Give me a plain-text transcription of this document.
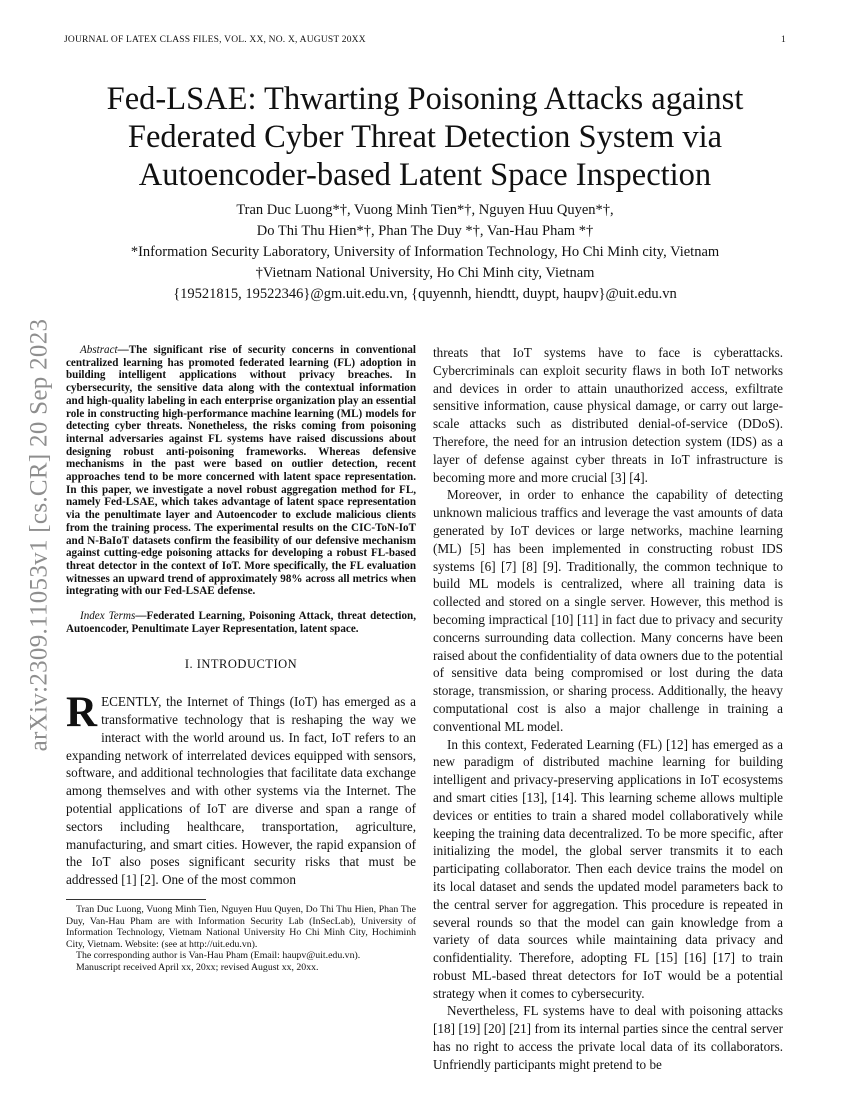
JOURNAL OF LATEX CLASS FILES, VOL. XX, NO. X, AUGUST 20XX	1
arXiv:2309.11053v1 [cs.CR] 20 Sep 2023
Fed-LSAE: Thwarting Poisoning Attacks against Federated Cyber Threat Detection System via Autoencoder-based Latent Space Inspection
Tran Duc Luong*†, Vuong Minh Tien*†, Nguyen Huu Quyen*†,
Do Thi Thu Hien*†, Phan The Duy *†, Van-Hau Pham *†
*Information Security Laboratory, University of Information Technology, Ho Chi Minh city, Vietnam
†Vietnam National University, Ho Chi Minh city, Vietnam
{19521815, 19522346}@gm.uit.edu.vn, {quyennh, hiendtt, duypt, haupv}@uit.edu.vn
Abstract—The significant rise of security concerns in conventional centralized learning has promoted federated learning (FL) adoption in building intelligent applications without privacy breaches. In cybersecurity, the sensitive data along with the contextual information and high-quality labeling in each enterprise organization play an essential role in constructing high-performance machine learning (ML) models for detecting cyber threats. Nonetheless, the risks coming from poisoning internal adversaries against FL systems have raised discussions about designing robust anti-poisoning frameworks. Whereas defensive mechanisms in the past were based on outlier detection, recent approaches tend to be more concerned with latent space representation. In this paper, we investigate a novel robust aggregation method for FL, namely Fed-LSAE, which takes advantage of latent space representation via the penultimate layer and Autoencoder to exclude malicious clients from the training process. The experimental results on the CIC-ToN-IoT and N-BaIoT datasets confirm the feasibility of our defensive mechanism against cutting-edge poisoning attacks for developing a robust FL-based threat detector in the context of IoT. More specifically, the FL evaluation witnesses an upward trend of approximately 98% across all metrics when integrating with our Fed-LSAE defense.
Index Terms—Federated Learning, Poisoning Attack, threat detection, Autoencoder, Penultimate Layer Representation, latent space.
I. INTRODUCTION
RECENTLY, the Internet of Things (IoT) has emerged as a transformative technology that is reshaping the way we interact with the world around us. In fact, IoT refers to an expanding network of interrelated devices equipped with sensors, software, and additional technologies that facilitate data exchange among themselves and with other systems via the Internet. The potential applications of IoT are diverse and span a range of sectors including healthcare, transportation, agriculture, manufacturing, and smart cities. However, the rapid expansion of the IoT also poses significant security risks that must be addressed [1] [2]. One of the most common

Tran Duc Luong, Vuong Minh Tien, Nguyen Huu Quyen, Do Thi Thu Hien, Phan The Duy, Van-Hau Pham are with Information Security Lab (InSecLab), University of Information Technology, Vietnam National University Ho Chi Minh City, Hochiminh City, Vietnam. Website: (see at http://uit.edu.vn).

The corresponding author is Van-Hau Pham (Email: haupv@uit.edu.vn).

Manuscript received April xx, 20xx; revised August xx, 20xx.

threats that IoT systems have to face is cyberattacks. Cybercriminals can exploit security flaws in both IoT networks and devices in order to attain unauthorized access, exfiltrate sensitive information, cause physical damage, or carry out large-scale attacks such as distributed denial-of-service (DDoS). Therefore, the need for an intrusion detection system (IDS) as a layer of defense against cyber threats in IoT infrastructure is becoming more and more crucial [3] [4].

Moreover, in order to enhance the capability of detecting unknown malicious traffics and leverage the vast amounts of data generated by IoT devices or large networks, machine learning (ML) [5] has been implemented in constructing robust IDS systems [6] [7] [8] [9]. Traditionally, the common technique to build ML models is centralized, where all training data is collected and stored on a single server. However, this method is becoming impractical [10] [11] in fact due to privacy and security concerns surrounding data collection. Many concerns have been raised about the confidentiality of data owners due to the potential of sensitive data being compromised or lost during the data storage, transmission, or sharing process. Additionally, the heavy computational cost is also a major challenge in training a conventional ML model.

In this context, Federated Learning (FL) [12] has emerged as a new paradigm of distributed machine learning for building intelligent and privacy-preserving applications in IoT ecosystems and smart cities [13], [14]. This learning scheme allows multiple devices or entities to train a shared model collaboratively while keeping the training data decentralized. To be more specific, after initializing the model, the global server transmits it to each participating collaborator. Then each device trains the model on its local dataset and sends the updated model parameters back to the central server for aggregation. This procedure is repeated in several rounds so that the model can gain knowledge from a variety of data sources while maintaining data privacy and confidentiality. Therefore, adopting FL [15] [16] [17] to train robust ML-based threat detectors for IoT would be a potential strategy when it comes to cybersecurity.

Nevertheless, FL systems have to deal with poisoning attacks [18] [19] [20] [21] from its internal parties since the central server has no right to access the private local data of its collaborators. Unfriendly participants might pretend to be
